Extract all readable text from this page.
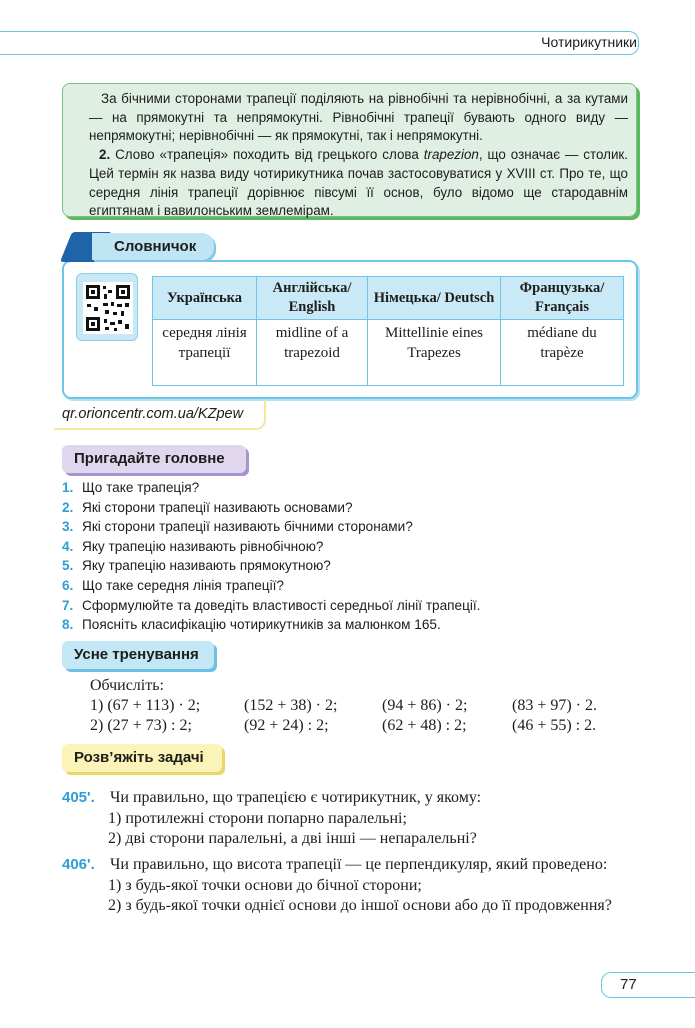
Чотирикутники

За бічними сторонами трапеції поділяють на рівнобічні та нерівнобічні, а за кутами — на прямокутні та непрямокутні. Рівнобічні трапеції бувають одного виду — непрямокутні; нерівнобічні — як прямокутні, так і непрямокутні.

2. Слово «трапеція» походить від грецького слова trapezion, що означає — столик. Цей термін як назва виду чотирикутника почав застосовуватися у XVIII ст. Про те, що середня лінія трапеції дорівнює півсумі її основ, було відомо ще стародавнім египтянам і вавилонським землемірам.

Словничок
Українська	Англійська/ English	Німецька/ Deutsch	Французька/ Français
середня лінія трапеції	midline of a trapezoid	Mittellinie eines Trapezes	médiane du trapèze
qr.orioncentr.com.ua/KZpew
Пригадайте головне
1. Що таке трапеція?
2. Які сторони трапеції називають основами?
3. Які сторони трапеції називають бічними сторонами?
4. Яку трапецію називають рівнобічною?
5. Яку трапецію називають прямокутною?
6. Що таке середня лінія трапеції?
7. Сформулюйте та доведіть властивості середньої лінії трапеції.
8. Поясніть класифікацію чотирикутників за малюнком 165.
Усне тренування
Обчисліть:
1) (67 + 113) · 2;	(152 + 38) · 2;	(94 + 86) · 2;	(83 + 97) · 2.
2) (27 + 73) : 2;	(92 + 24) : 2;	(62 + 48) : 2;	(46 + 55) : 2.
Розв’яжіть задачі
405'. Чи правильно, що трапецією є чотирикутник, у якому:
1) протилежні сторони попарно паралельні;
2) дві сторони паралельні, а дві інші — непаралельні?
406'. Чи правильно, що висота трапеції — це перпендикуляр, який проведено:
1) з будь-якої точки основи до бічної сторони;
2) з будь-якої точки однієї основи до іншої основи або до її продовження?
77
